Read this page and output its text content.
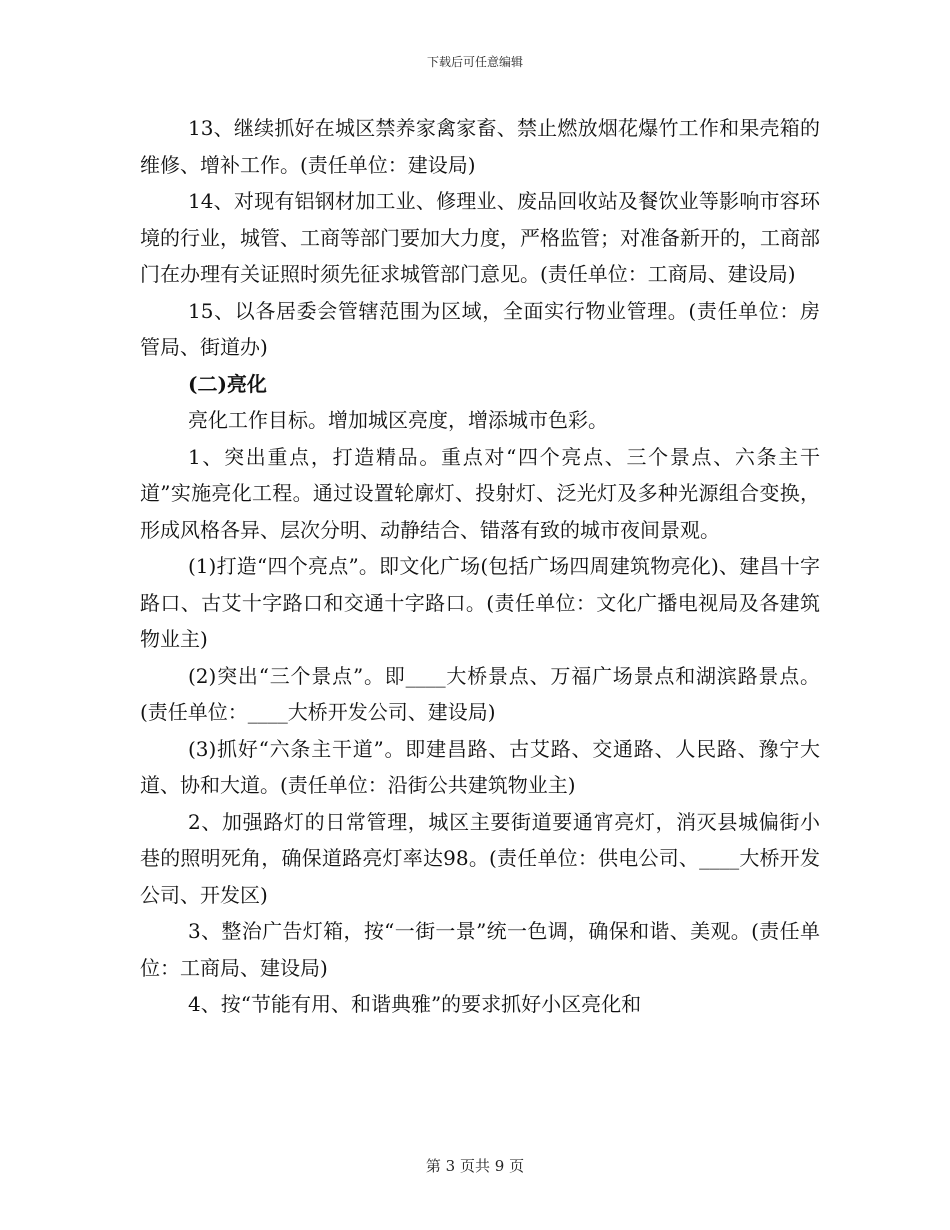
下载后可任意编辑

13、继续抓好在城区禁养家禽家畜、禁止燃放烟花爆竹工作和果壳箱的维修、增补工作。(责任单位：建设局)

14、对现有铝钢材加工业、修理业、废品回收站及餐饮业等影响市容环境的行业，城管、工商等部门要加大力度，严格监管；对准备新开的，工商部门在办理有关证照时须先征求城管部门意见。(责任单位：工商局、建设局)

15、以各居委会管辖范围为区域，全面实行物业管理。(责任单位：房管局、街道办)

(二)亮化

亮化工作目标。增加城区亮度，增添城市色彩。

1、突出重点，打造精品。重点对“四个亮点、三个景点、六条主干道”实施亮化工程。通过设置轮廓灯、投射灯、泛光灯及多种光源组合变换，形成风格各异、层次分明、动静结合、错落有致的城市夜间景观。

(1)打造“四个亮点”。即文化广场(包括广场四周建筑物亮化)、建昌十字路口、古艾十字路口和交通十字路口。(责任单位：文化广播电视局及各建筑物业主)

(2)突出“三个景点”。即____大桥景点、万福广场景点和湖滨路景点。(责任单位：____大桥开发公司、建设局)

(3)抓好“六条主干道”。即建昌路、古艾路、交通路、人民路、豫宁大道、协和大道。(责任单位：沿街公共建筑物业主)

2、加强路灯的日常管理，城区主要街道要通宵亮灯，消灭县城偏街小巷的照明死角，确保道路亮灯率达98。(责任单位：供电公司、____大桥开发公司、开发区)

3、整治广告灯箱，按“一街一景”统一色调，确保和谐、美观。(责任单位：工商局、建设局)

4、按“节能有用、和谐典雅”的要求抓好小区亮化和

第 3 页共 9 页
